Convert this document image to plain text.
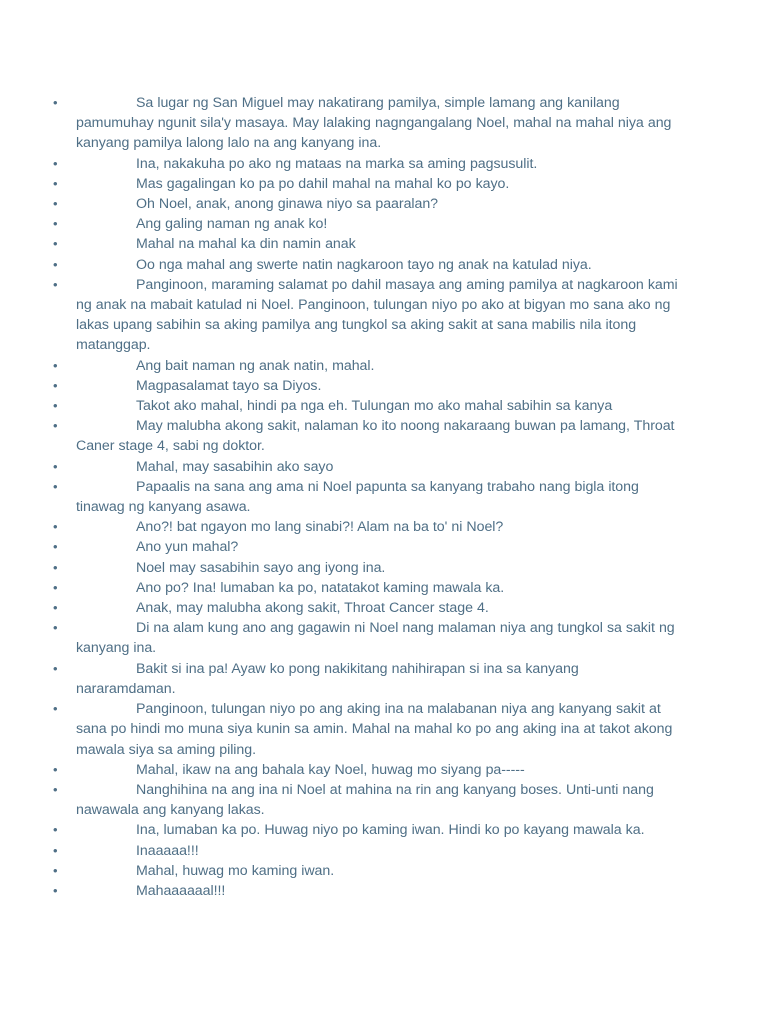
•	Sa lugar ng San Miguel may nakatirang pamilya, simple lamang ang kanilang pamumuhay ngunit sila'y masaya. May lalaking nagngangalang Noel, mahal na mahal niya ang kanyang pamilya lalong lalo na ang kanyang ina.
•	Ina, nakakuha po ako ng mataas na marka sa aming pagsusulit.
•	Mas gagalingan ko pa po dahil mahal na mahal ko po kayo.
•	Oh Noel, anak, anong ginawa niyo sa paaralan?
•	Ang galing naman ng anak ko!
•	Mahal na mahal ka din namin anak
•	Oo nga mahal ang swerte natin nagkaroon tayo ng anak na katulad niya.
•	Panginoon, maraming salamat po dahil masaya ang aming pamilya at nagkaroon kami ng anak na mabait katulad ni Noel. Panginoon, tulungan niyo po ako at bigyan mo sana ako ng lakas upang sabihin sa aking pamilya ang tungkol sa aking sakit at sana mabilis nila itong matanggap.
•	Ang bait naman ng anak natin, mahal.
•	Magpasalamat tayo sa Diyos.
•	Takot ako mahal, hindi pa nga eh. Tulungan mo ako mahal sabihin sa kanya
•	May malubha akong sakit, nalaman ko ito noong nakaraang buwan pa lamang, Throat Caner stage 4, sabi ng doktor.
•	Mahal, may sasabihin ako sayo
•	Papaalis na sana ang ama ni Noel papunta sa kanyang trabaho nang bigla itong tinawag ng kanyang asawa.
•	Ano?! bat ngayon mo lang sinabi?! Alam na ba to' ni Noel?
•	Ano yun mahal?
•	Noel may sasabihin sayo ang iyong ina.
•	Ano po? Ina! lumaban ka po, natatakot kaming mawala ka.
•	Anak, may malubha akong sakit, Throat Cancer stage 4.
•	Di na alam kung ano ang gagawin ni Noel nang malaman niya ang tungkol sa sakit ng kanyang ina.
•	Bakit si ina pa! Ayaw ko pong nakikitang nahihirapan si ina sa kanyang nararamdaman.
•	Panginoon, tulungan niyo po ang aking ina na malabanan niya ang kanyang sakit at sana po hindi mo muna siya kunin sa amin. Mahal na mahal ko po ang aking ina at takot akong mawala siya sa aming piling.
•	Mahal, ikaw na ang bahala kay Noel, huwag mo siyang pa-----
•	Nanghihina na ang ina ni Noel at mahina na rin ang kanyang boses. Unti-unti nang nawawala ang kanyang lakas.
•	Ina, lumaban ka po. Huwag niyo po kaming iwan. Hindi ko po kayang mawala ka.
•	Inaaaaa!!!
•	Mahal, huwag mo kaming iwan.
•	Mahaaaaaal!!!
